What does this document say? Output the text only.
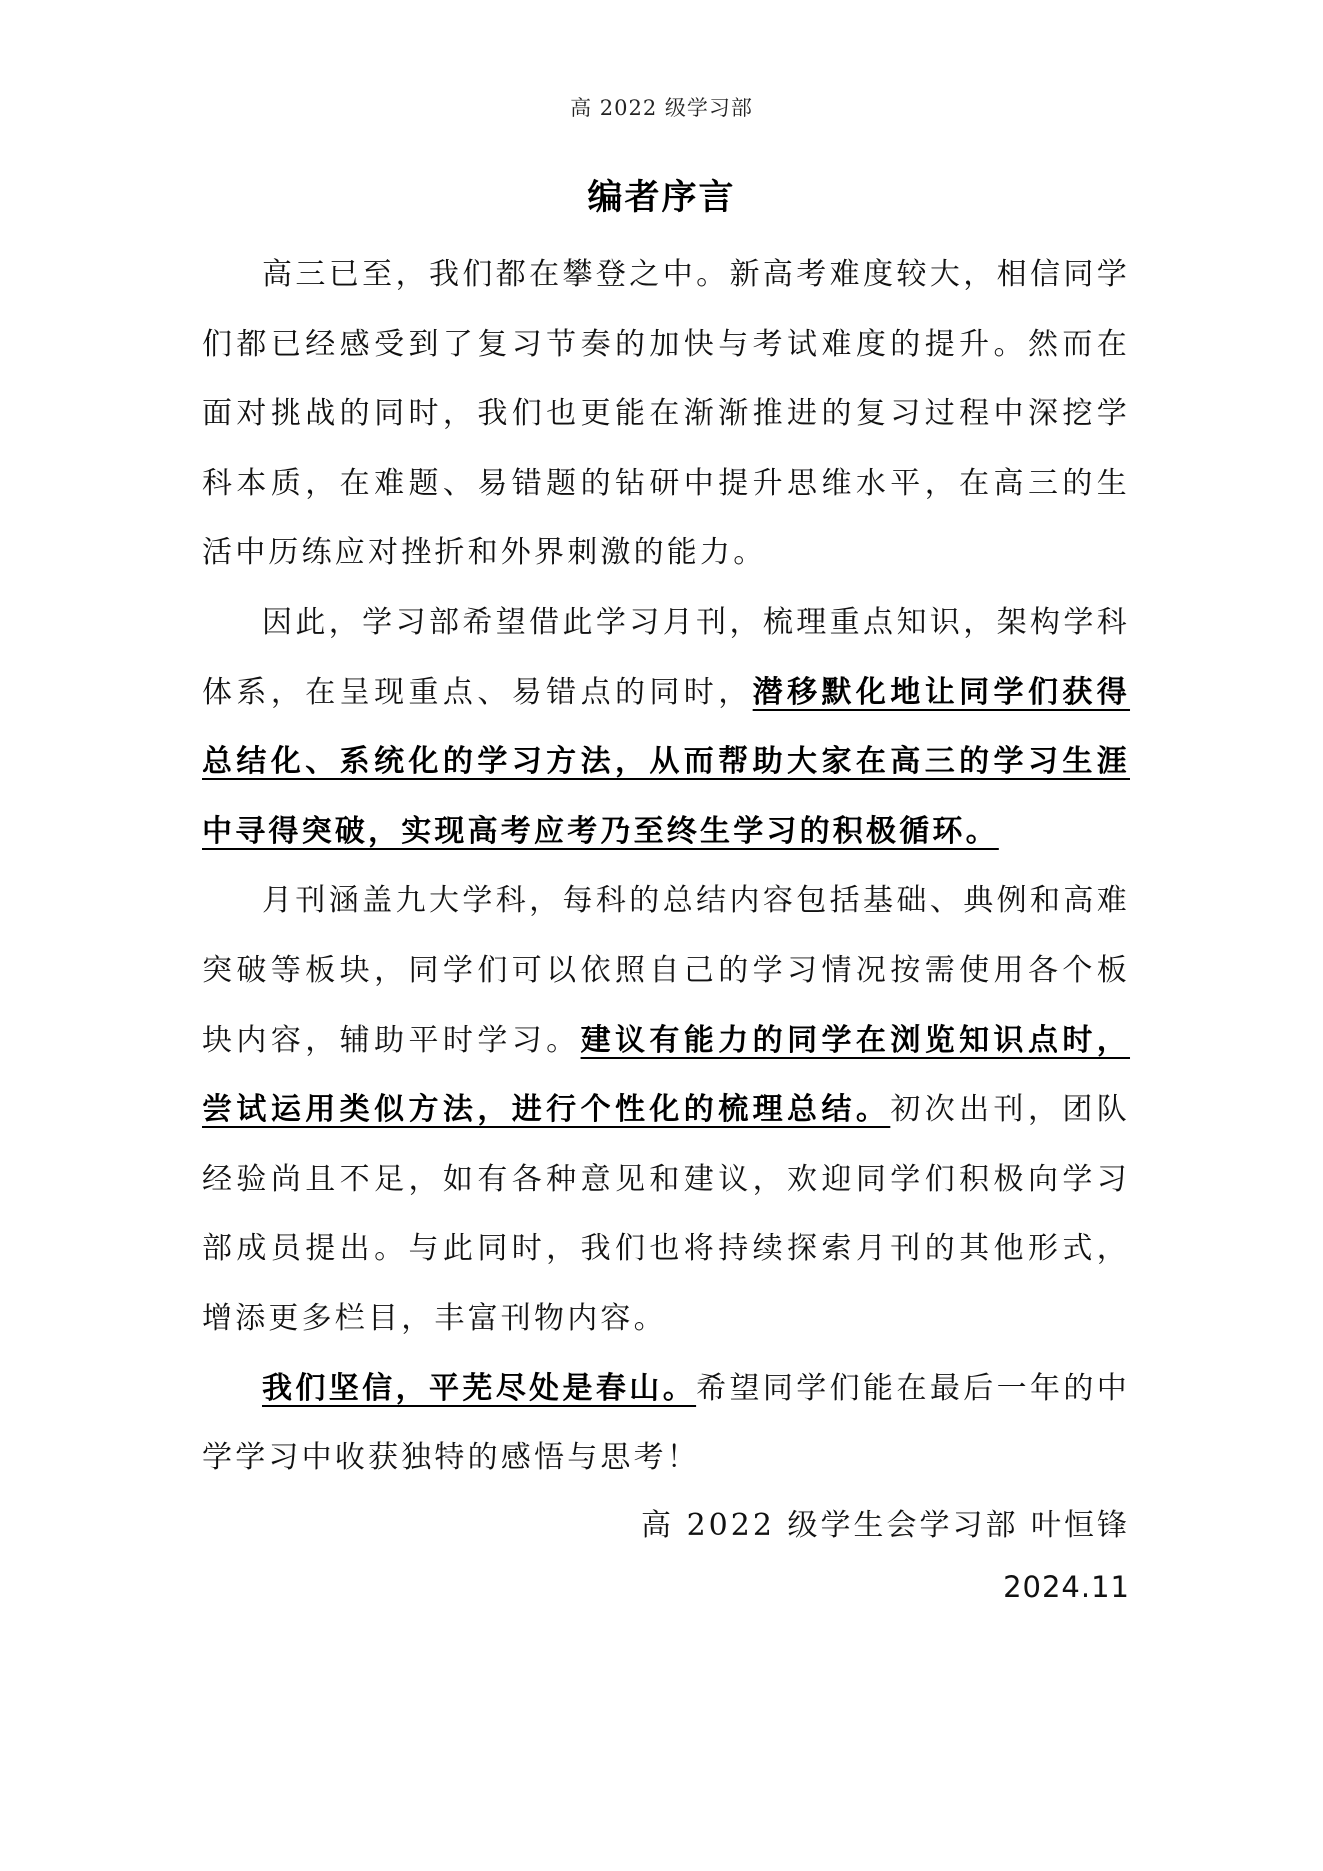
高 2022 级学习部
编者序言

高三已至，我们都在攀登之中。新高考难度较大，相信同学们都已经感受到了复习节奏的加快与考试难度的提升。然而在面对挑战的同时，我们也更能在渐渐推进的复习过程中深挖学科本质，在难题、易错题的钻研中提升思维水平，在高三的生活中历练应对挫折和外界刺激的能力。

因此，学习部希望借此学习月刊，梳理重点知识，架构学科体系，在呈现重点、易错点的同时，潜移默化地让同学们获得总结化、系统化的学习方法，从而帮助大家在高三的学习生涯中寻得突破，实现高考应考乃至终生学习的积极循环。

月刊涵盖九大学科，每科的总结内容包括基础、典例和高难突破等板块，同学们可以依照自己的学习情况按需使用各个板块内容，辅助平时学习。建议有能力的同学在浏览知识点时，尝试运用类似方法，进行个性化的梳理总结。初次出刊，团队经验尚且不足，如有各种意见和建议，欢迎同学们积极向学习部成员提出。与此同时，我们也将持续探索月刊的其他形式，增添更多栏目，丰富刊物内容。

我们坚信，平芜尽处是春山。希望同学们能在最后一年的中学学习中收获独特的感悟与思考！

高 2022 级学生会学习部 叶恒锋
2024.11
